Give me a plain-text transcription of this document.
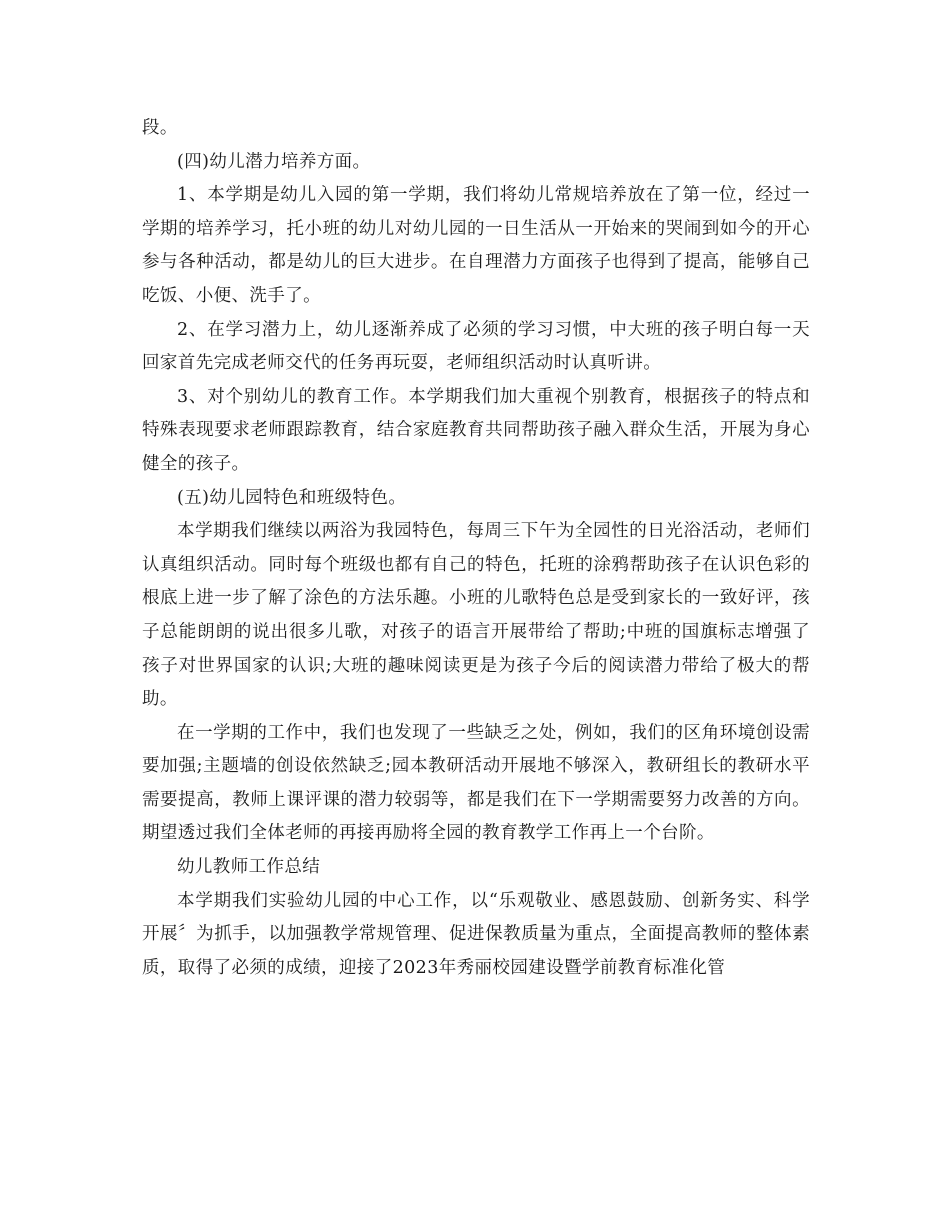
段。

(四)幼儿潜力培养方面。

1、本学期是幼儿入园的第一学期，我们将幼儿常规培养放在了第一位，经过一学期的培养学习，托小班的幼儿对幼儿园的一日生活从一开始来的哭闹到如今的开心参与各种活动，都是幼儿的巨大进步。在自理潜力方面孩子也得到了提高，能够自己吃饭、小便、洗手了。

2、在学习潜力上，幼儿逐渐养成了必须的学习习惯，中大班的孩子明白每一天回家首先完成老师交代的任务再玩耍，老师组织活动时认真听讲。

3、对个别幼儿的教育工作。本学期我们加大重视个别教育，根据孩子的特点和特殊表现要求老师跟踪教育，结合家庭教育共同帮助孩子融入群众生活，开展为身心健全的孩子。

(五)幼儿园特色和班级特色。

本学期我们继续以两浴为我园特色，每周三下午为全园性的日光浴活动，老师们认真组织活动。同时每个班级也都有自己的特色，托班的涂鸦帮助孩子在认识色彩的根底上进一步了解了涂色的方法乐趣。小班的儿歌特色总是受到家长的一致好评，孩子总能朗朗的说出很多儿歌，对孩子的语言开展带给了帮助;中班的国旗标志增强了孩子对世界国家的认识;大班的趣味阅读更是为孩子今后的阅读潜力带给了极大的帮助。

在一学期的工作中，我们也发现了一些缺乏之处，例如，我们的区角环境创设需要加强;主题墙的创设依然缺乏;园本教研活动开展地不够深入，教研组长的教研水平需要提高，教师上课评课的潜力较弱等，都是我们在下一学期需要努力改善的方向。期望透过我们全体老师的再接再励将全园的教育教学工作再上一个台阶。

幼儿教师工作总结

本学期我们实验幼儿园的中心工作，以“乐观敬业、感恩鼓励、创新务实、科学开展〞为抓手，以加强教学常规管理、促进保教质量为重点，全面提高教师的整体素质，取得了必须的成绩，迎接了2023年秀丽校园建设暨学前教育标准化管
